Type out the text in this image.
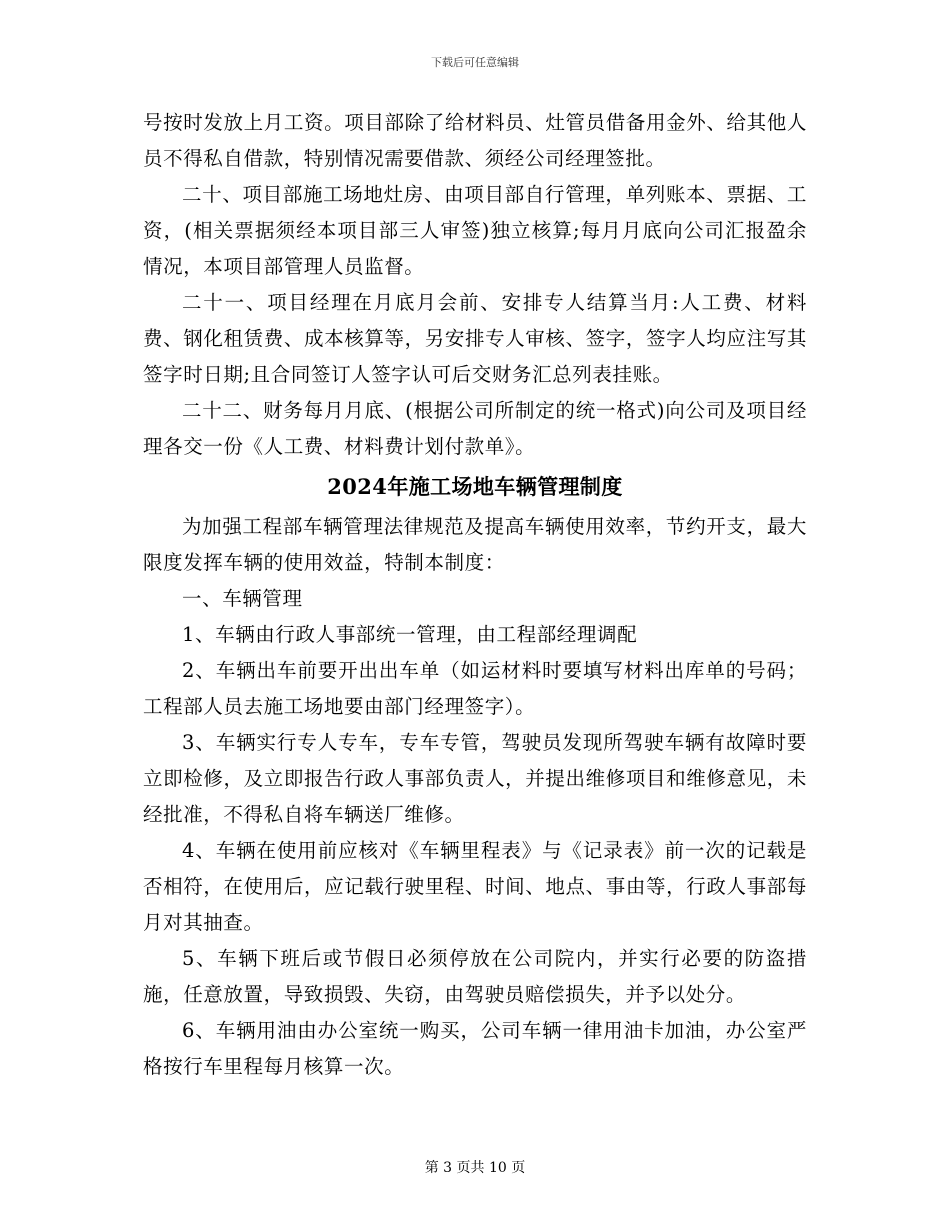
下载后可任意编辑

号按时发放上月工资。项目部除了给材料员、灶管员借备用金外、给其他人员不得私自借款，特别情况需要借款、须经公司经理签批。

二十、项目部施工场地灶房、由项目部自行管理，单列账本、票据、工资，(相关票据须经本项目部三人审签)独立核算;每月月底向公司汇报盈余情况，本项目部管理人员监督。

二十一、项目经理在月底月会前、安排专人结算当月:人工费、材料费、钢化租赁费、成本核算等，另安排专人审核、签字，签字人均应注写其签字时日期;且合同签订人签字认可后交财务汇总列表挂账。

二十二、财务每月月底、(根据公司所制定的统一格式)向公司及项目经理各交一份《人工费、材料费计划付款单》。

2024年施工场地车辆管理制度

为加强工程部车辆管理法律规范及提高车辆使用效率，节约开支，最大限度发挥车辆的使用效益，特制本制度：

一、车辆管理

1、车辆由行政人事部统一管理，由工程部经理调配

2、车辆出车前要开出出车单（如运材料时要填写材料出库单的号码；工程部人员去施工场地要由部门经理签字）。

3、车辆实行专人专车，专车专管，驾驶员发现所驾驶车辆有故障时要立即检修，及立即报告行政人事部负责人，并提出维修项目和维修意见，未经批准，不得私自将车辆送厂维修。

4、车辆在使用前应核对《车辆里程表》与《记录表》前一次的记载是否相符，在使用后，应记载行驶里程、时间、地点、事由等，行政人事部每月对其抽查。

5、车辆下班后或节假日必须停放在公司院内，并实行必要的防盗措施，任意放置，导致损毁、失窃，由驾驶员赔偿损失，并予以处分。

6、车辆用油由办公室统一购买，公司车辆一律用油卡加油，办公室严格按行车里程每月核算一次。

第 3 页共 10 页
